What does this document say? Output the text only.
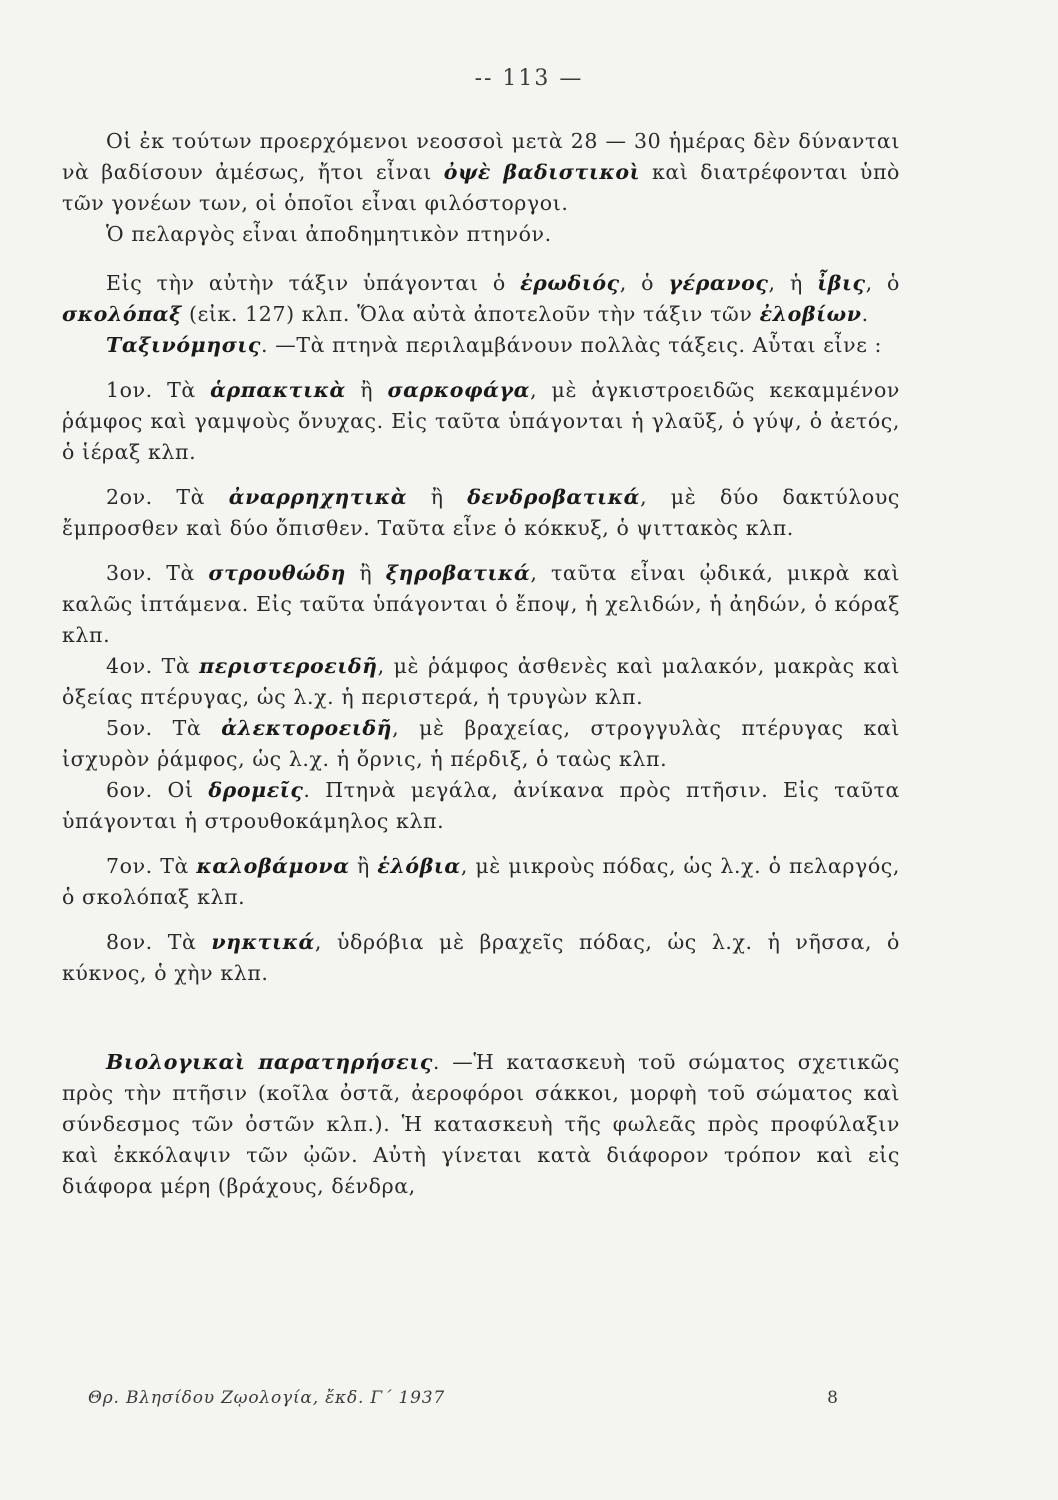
-- 113 —

Οἱ ἐκ τούτων προερχόμενοι νεοσσοὶ μετὰ 28 — 30 ἡμέρας δὲν δύνανται νὰ βαδίσουν ἀμέσως, ἤτοι εἶναι ὀψὲ βαδιστικοὶ καὶ διατρέφονται ὑπὸ τῶν γονέων των, οἱ ὁποῖοι εἶναι φιλόστοργοι.

Ὁ πελαργὸς εἶναι ἀποδημητικὸν πτηνόν.

Εἰς τὴν αὐτὴν τάξιν ὑπάγονται ὁ ἐρωδιός, ὁ γέρανος, ἡ ἶβις, ὁ σκολόπαξ (εἰκ. 127) κλπ. Ὅλα αὐτὰ ἀποτελοῦν τὴν τάξιν τῶν ἐλοβίων.

Ταξινόμησις. —Τὰ πτηνὰ περιλαμβάνουν πολλὰς τάξεις. Αὗται εἶνε :

1ον. Τὰ ἁρπακτικὰ ἢ σαρκοφάγα, μὲ ἀγκιστροειδῶς κεκαμμένον ῥάμφος καὶ γαμψοὺς ὄνυχας. Εἰς ταῦτα ὑπάγονται ἡ γλαῦξ, ὁ γύψ, ὁ ἀετός, ὁ ἱέραξ κλπ.

2ον. Τὰ ἀναρρηχητικὰ ἢ δενδροβατικά, μὲ δύο δακτύλους ἔμπροσθεν καὶ δύο ὄπισθεν. Ταῦτα εἶνε ὁ κόκκυξ, ὁ ψιττακὸς κλπ.

3ον. Τὰ στρουθώδη ἢ ξηροβατικά, ταῦτα εἶναι ᾠδικά, μικρὰ καὶ καλῶς ἱπτάμενα. Εἰς ταῦτα ὑπάγονται ὁ ἔποψ, ἡ χελιδών, ἡ ἀηδών, ὁ κόραξ κλπ.

4ον. Τὰ περιστεροειδῆ, μὲ ῥάμφος ἀσθενὲς καὶ μαλακόν, μακρὰς καὶ ὀξείας πτέρυγας, ὡς λ.χ. ἡ περιστερά, ἡ τρυγὼν κλπ.

5ον. Τὰ ἀλεκτοροειδῆ, μὲ βραχείας, στρογγυλὰς πτέρυγας καὶ ἰσχυρὸν ῥάμφος, ὡς λ.χ. ἡ ὄρνις, ἡ πέρδιξ, ὁ ταὼς κλπ.

6ον. Οἱ δρομεῖς. Πτηνὰ μεγάλα, ἀνίκανα πρὸς πτῆσιν. Εἰς ταῦτα ὑπάγονται ἡ στρουθοκάμηλος κλπ.

7ον. Τὰ καλοβάμονα ἢ ἑλόβια, μὲ μικροὺς πόδας, ὡς λ.χ. ὁ πελαργός, ὁ σκολόπαξ κλπ.

8ον. Τὰ νηκτικά, ὑδρόβια μὲ βραχεῖς πόδας, ὡς λ.χ. ἡ νῆσσα, ὁ κύκνος, ὁ χὴν κλπ.

Βιολογικαὶ παρατηρήσεις. —Ἡ κατασκευὴ τοῦ σώματος σχετικῶς πρὸς τὴν πτῆσιν (κοῖλα ὀστᾶ, ἀεροφόροι σάκκοι, μορφὴ τοῦ σώματος καὶ σύνδεσμος τῶν ὀστῶν κλπ.). Ἡ κατασκευὴ τῆς φωλεᾶς πρὸς προφύλαξιν καὶ ἐκκόλαψιν τῶν ᾠῶν. Αὐτὴ γίνεται κατὰ διάφορον τρόπον καὶ εἰς διάφορα μέρη (βράχους, δένδρα,

Θρ. Βλησίδου Ζῳολογία, ἔκδ. Γ΄ 1937	8
